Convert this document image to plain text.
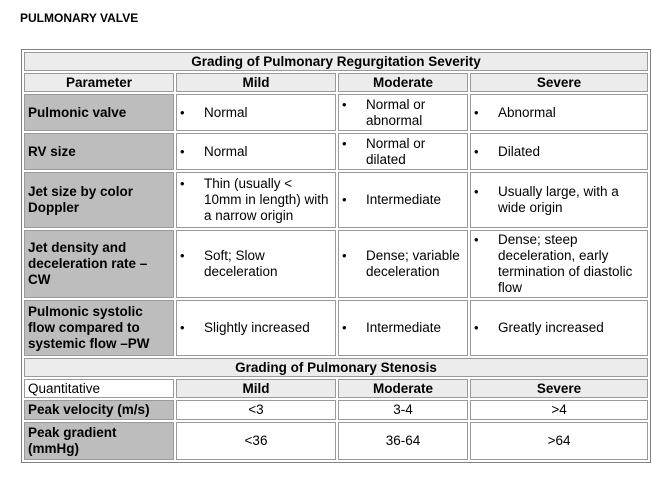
PULMONARY VALVE
Grading of Pulmonary Regurgitation Severity			
Parameter	Mild	Moderate	Severe
Pulmonic valve	• Normal	• Normal or abnormal	• Abnormal

RV size	• Normal	• Normal or dilated	• Dilated

Jet size by color Doppler	• Thin (usually < 10mm in length) with a narrow origin	• Intermediate	• Usually large, with a wide origin

Jet density and deceleration rate – CW	• Soft; Slow deceleration	• Dense; variable deceleration	• Dense; steep deceleration, early termination of diastolic flow

Pulmonic systolic flow compared to systemic flow –PW	• Slightly increased	• Intermediate	• Greatly increased

Grading of Pulmonary Stenosis			
Quantitative	Mild	Moderate	Severe
Peak velocity (m/s)	<3	3-4	>4
Peak gradient (mmHg)	<36	36-64	>64
